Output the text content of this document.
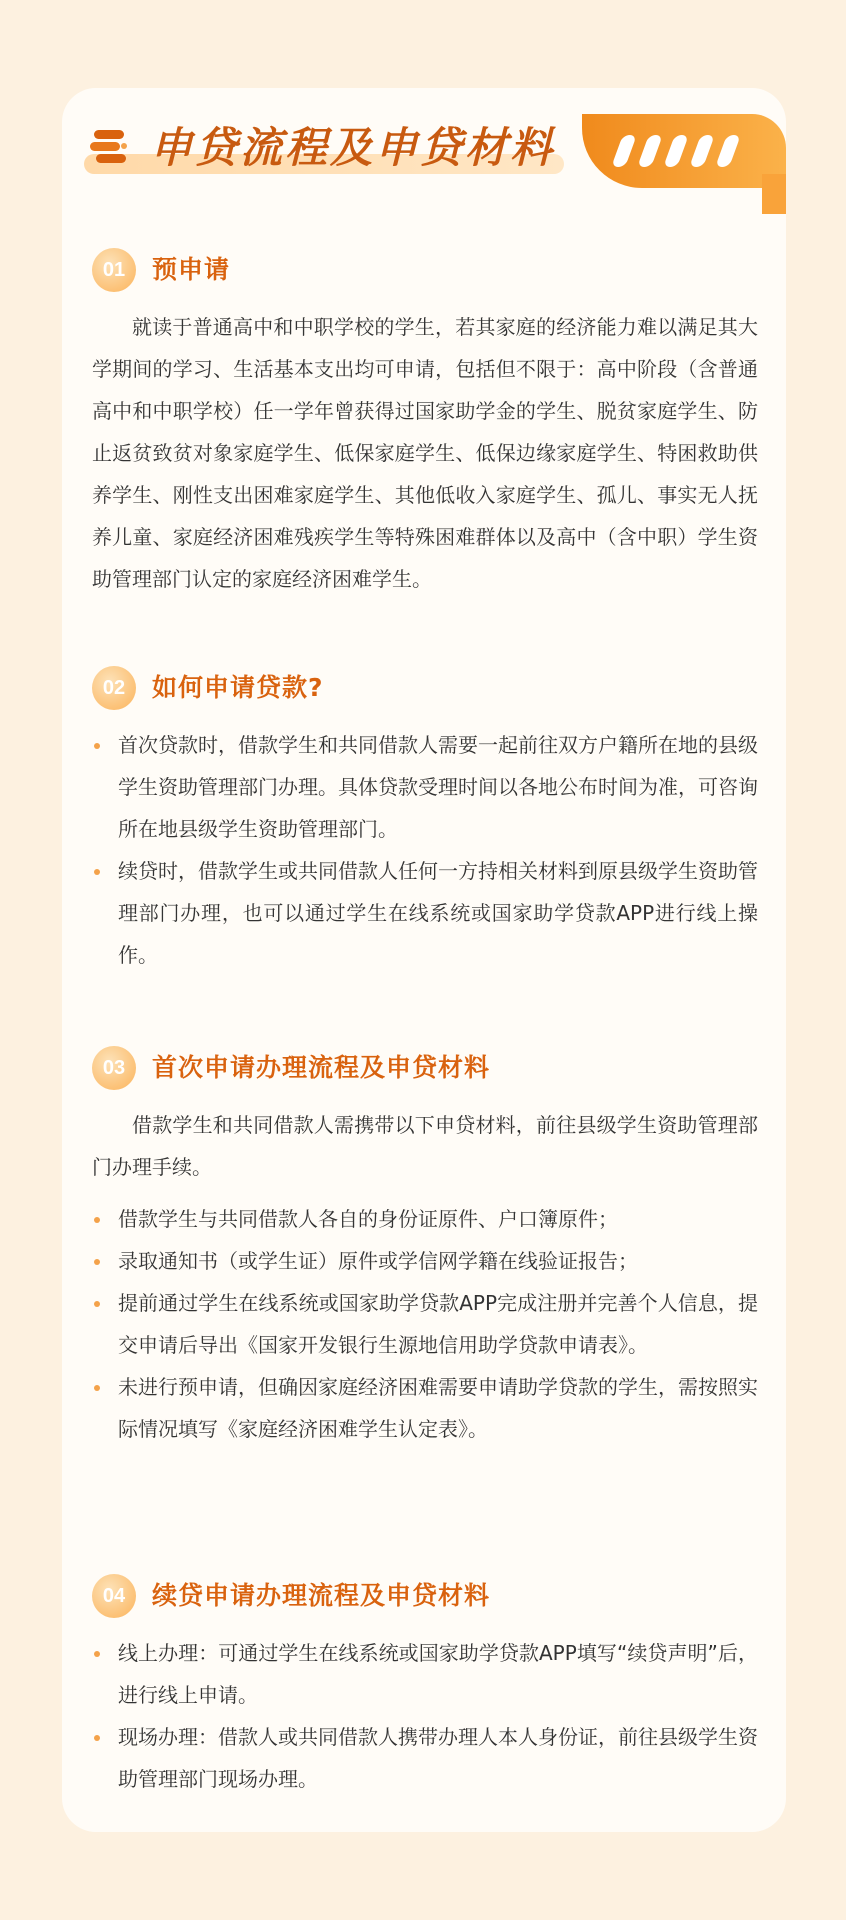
申贷流程及申贷材料
01	预申请

就读于普通高中和中职学校的学生，若其家庭的经济能力难以满足其大学期间的学习、生活基本支出均可申请，包括但不限于：高中阶段（含普通高中和中职学校）任一学年曾获得过国家助学金的学生、脱贫家庭学生、防止返贫致贫对象家庭学生、低保家庭学生、低保边缘家庭学生、特困救助供养学生、刚性支出困难家庭学生、其他低收入家庭学生、孤儿、事实无人抚养儿童、家庭经济困难残疾学生等特殊困难群体以及高中（含中职）学生资助管理部门认定的家庭经济困难学生。

02	如何申请贷款?
首次贷款时，借款学生和共同借款人需要一起前往双方户籍所在地的县级学生资助管理部门办理。具体贷款受理时间以各地公布时间为准，可咨询所在地县级学生资助管理部门。
续贷时，借款学生或共同借款人任何一方持相关材料到原县级学生资助管理部门办理，也可以通过学生在线系统或国家助学贷款APP进行线上操作。
03	首次申请办理流程及申贷材料

借款学生和共同借款人需携带以下申贷材料，前往县级学生资助管理部门办理手续。

借款学生与共同借款人各自的身份证原件、户口簿原件；
录取通知书（或学生证）原件或学信网学籍在线验证报告；
提前通过学生在线系统或国家助学贷款APP完成注册并完善个人信息，提交申请后导出《国家开发银行生源地信用助学贷款申请表》。
未进行预申请，但确因家庭经济困难需要申请助学贷款的学生，需按照实际情况填写《家庭经济困难学生认定表》。
04	续贷申请办理流程及申贷材料
线上办理：可通过学生在线系统或国家助学贷款APP填写“续贷声明”后，进行线上申请。
现场办理：借款人或共同借款人携带办理人本人身份证，前往县级学生资助管理部门现场办理。
